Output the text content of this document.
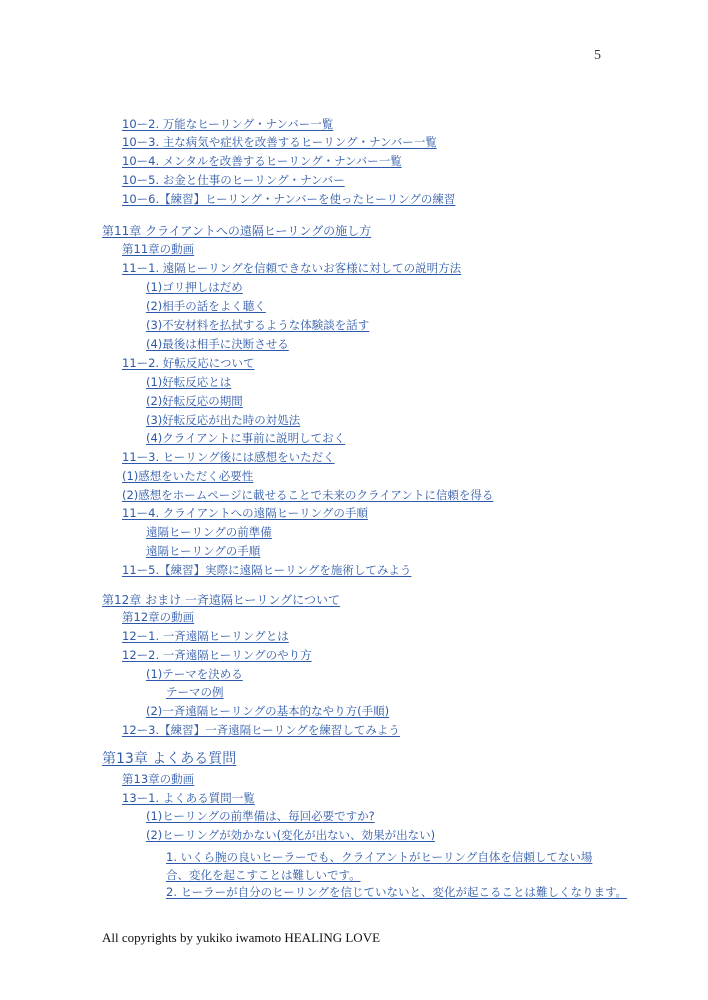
5
10ー2. 万能なヒーリング・ナンバー一覧
10ー3. 主な病気や症状を改善するヒーリング・ナンバー一覧
10ー4. メンタルを改善するヒーリング・ナンバー一覧
10ー5. お金と仕事のヒーリング・ナンバー
10ー6.【練習】ヒーリング・ナンバーを使ったヒーリングの練習
第11章 クライアントへの遠隔ヒーリングの施し方
第11章の動画
11ー1. 遠隔ヒーリングを信頼できないお客様に対しての説明方法
(1)ゴリ押しはだめ
(2)相手の話をよく聴く
(3)不安材料を払拭するような体験談を話す
(4)最後は相手に決断させる
11ー2. 好転反応について
(1)好転反応とは
(2)好転反応の期間
(3)好転反応が出た時の対処法
(4)クライアントに事前に説明しておく
11ー3. ヒーリング後には感想をいただく
(1)感想をいただく必要性
(2)感想をホームページに載せることで未来のクライアントに信頼を得る
11ー4. クライアントへの遠隔ヒーリングの手順
遠隔ヒーリングの前準備
遠隔ヒーリングの手順
11ー5.【練習】実際に遠隔ヒーリングを施術してみよう
第12章 おまけ 一斉遠隔ヒーリングについて
第12章の動画
12ー1. 一斉遠隔ヒーリングとは
12ー2. 一斉遠隔ヒーリングのやり方
(1)テーマを決める
テーマの例
(2)一斉遠隔ヒーリングの基本的なやり方(手順)
12ー3.【練習】一斉遠隔ヒーリングを練習してみよう
第13章 よくある質問
第13章の動画
13ー1. よくある質問一覧
(1)ヒーリングの前準備は、毎回必要ですか?
(2)ヒーリングが効かない(変化が出ない、効果が出ない)
1. いくら腕の良いヒーラーでも、クライアントがヒーリング自体を信頼してない場合、変化を起こすことは難しいです。
2. ヒーラーが自分のヒーリングを信じていないと、変化が起こることは難しくなります。
All copyrights by yukiko iwamoto HEALING LOVE
